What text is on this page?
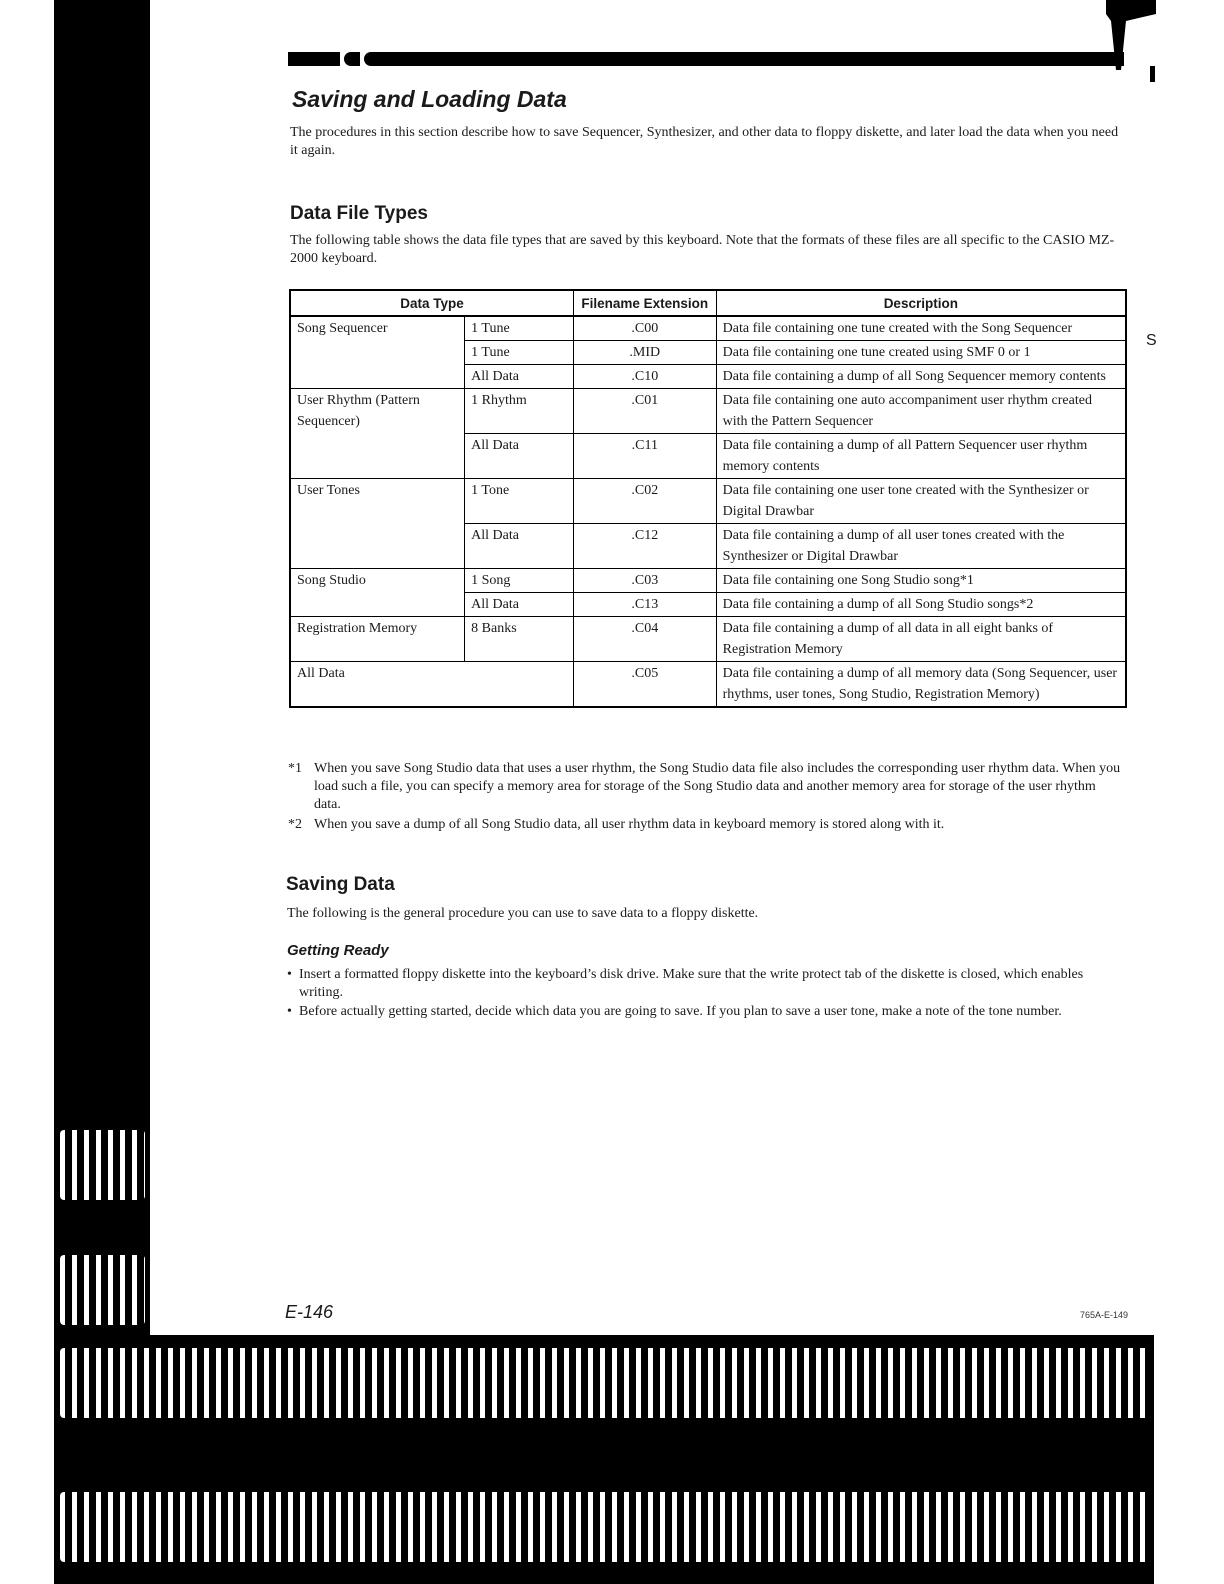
S
Saving and Loading Data

The procedures in this section describe how to save Sequencer, Synthesizer, and other data to floppy diskette, and later load the data when you need it again.

Data File Types

The following table shows the data file types that are saved by this keyboard. Note that the formats of these files are all specific to the CASIO MZ-2000 keyboard.

Data Type		Filename Extension	Description
Song Sequencer	1 Tune	.C00	Data file containing one tune created with the Song Sequencer
	1 Tune	.MID	Data file containing one tune created using SMF 0 or 1
	All Data	.C10	Data file containing a dump of all Song Sequencer memory contents
User Rhythm (Pattern Sequencer)	1 Rhythm	.C01	Data file containing one auto accompaniment user rhythm created with the Pattern Sequencer
	All Data	.C11	Data file containing a dump of all Pattern Sequencer user rhythm memory contents
User Tones	1 Tone	.C02	Data file containing one user tone created with the Synthesizer or Digital Drawbar
	All Data	.C12	Data file containing a dump of all user tones created with the Synthesizer or Digital Drawbar
Song Studio	1 Song	.C03	Data file containing one Song Studio song*1
	All Data	.C13	Data file containing a dump of all Song Studio songs*2
Registration Memory	8 Banks	.C04	Data file containing a dump of all data in all eight banks of Registration Memory
All Data		.C05	Data file containing a dump of all memory data (Song Sequencer, user rhythms, user tones, Song Studio, Registration Memory)
*1 When you save Song Studio data that uses a user rhythm, the Song Studio data file also includes the corresponding user rhythm data. When you load such a file, you can specify a memory area for storage of the Song Studio data and another memory area for storage of the user rhythm data.
*2 When you save a dump of all Song Studio data, all user rhythm data in keyboard memory is stored along with it.
Saving Data

The following is the general procedure you can use to save data to a floppy diskette.

Getting Ready
• Insert a formatted floppy diskette into the keyboard’s disk drive. Make sure that the write protect tab of the diskette is closed, which enables writing.
• Before actually getting started, decide which data you are going to save. If you plan to save a user tone, make a note of the tone number.
E-146	765A-E-149
